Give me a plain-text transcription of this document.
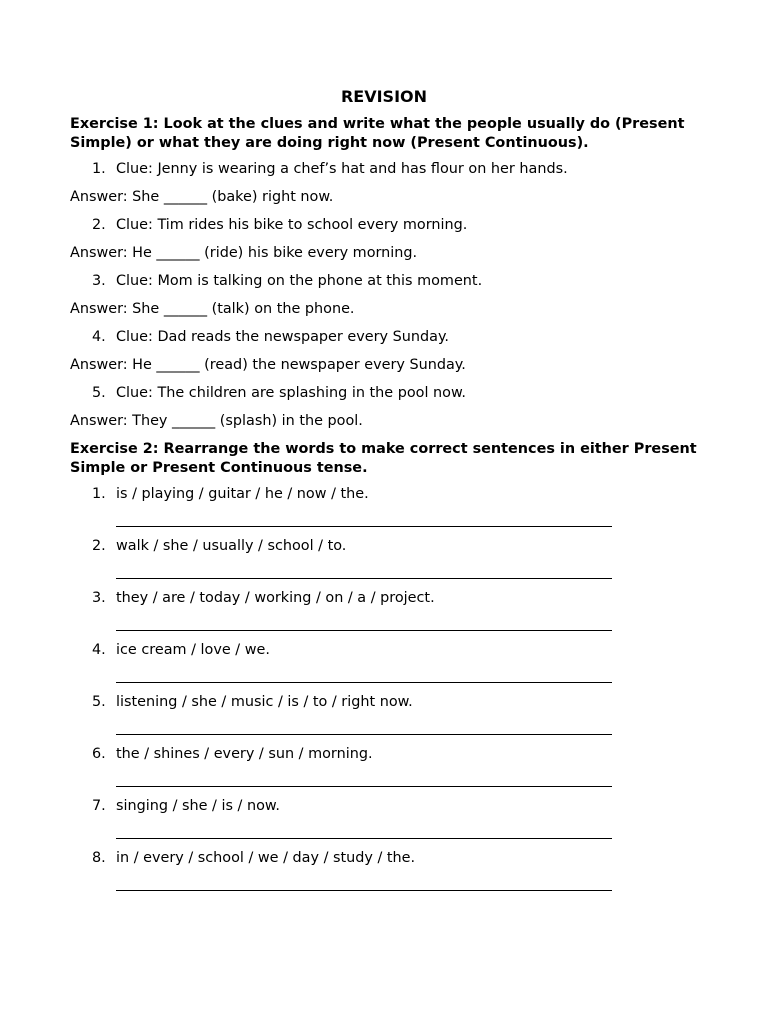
REVISION
Exercise 1: Look at the clues and write what the people usually do (Present Simple) or what they are doing right now (Present Continuous).
1. Clue: Jenny is wearing a chef’s hat and has flour on her hands.
Answer: She ______ (bake) right now.
2. Clue: Tim rides his bike to school every morning.
Answer: He ______ (ride) his bike every morning.
3. Clue: Mom is talking on the phone at this moment.
Answer: She ______ (talk) on the phone.
4. Clue: Dad reads the newspaper every Sunday.
Answer: He ______ (read) the newspaper every Sunday.
5. Clue: The children are splashing in the pool now.
Answer: They ______ (splash) in the pool.
Exercise 2: Rearrange the words to make correct sentences in either Present Simple or Present Continuous tense.
1. is / playing / guitar / he / now / the.
2. walk / she / usually / school / to.
3. they / are / today / working / on / a / project.
4. ice cream / love / we.
5. listening / she / music / is / to / right now.
6. the / shines / every / sun / morning.
7. singing / she / is / now.
8. in / every / school / we / day / study / the.
